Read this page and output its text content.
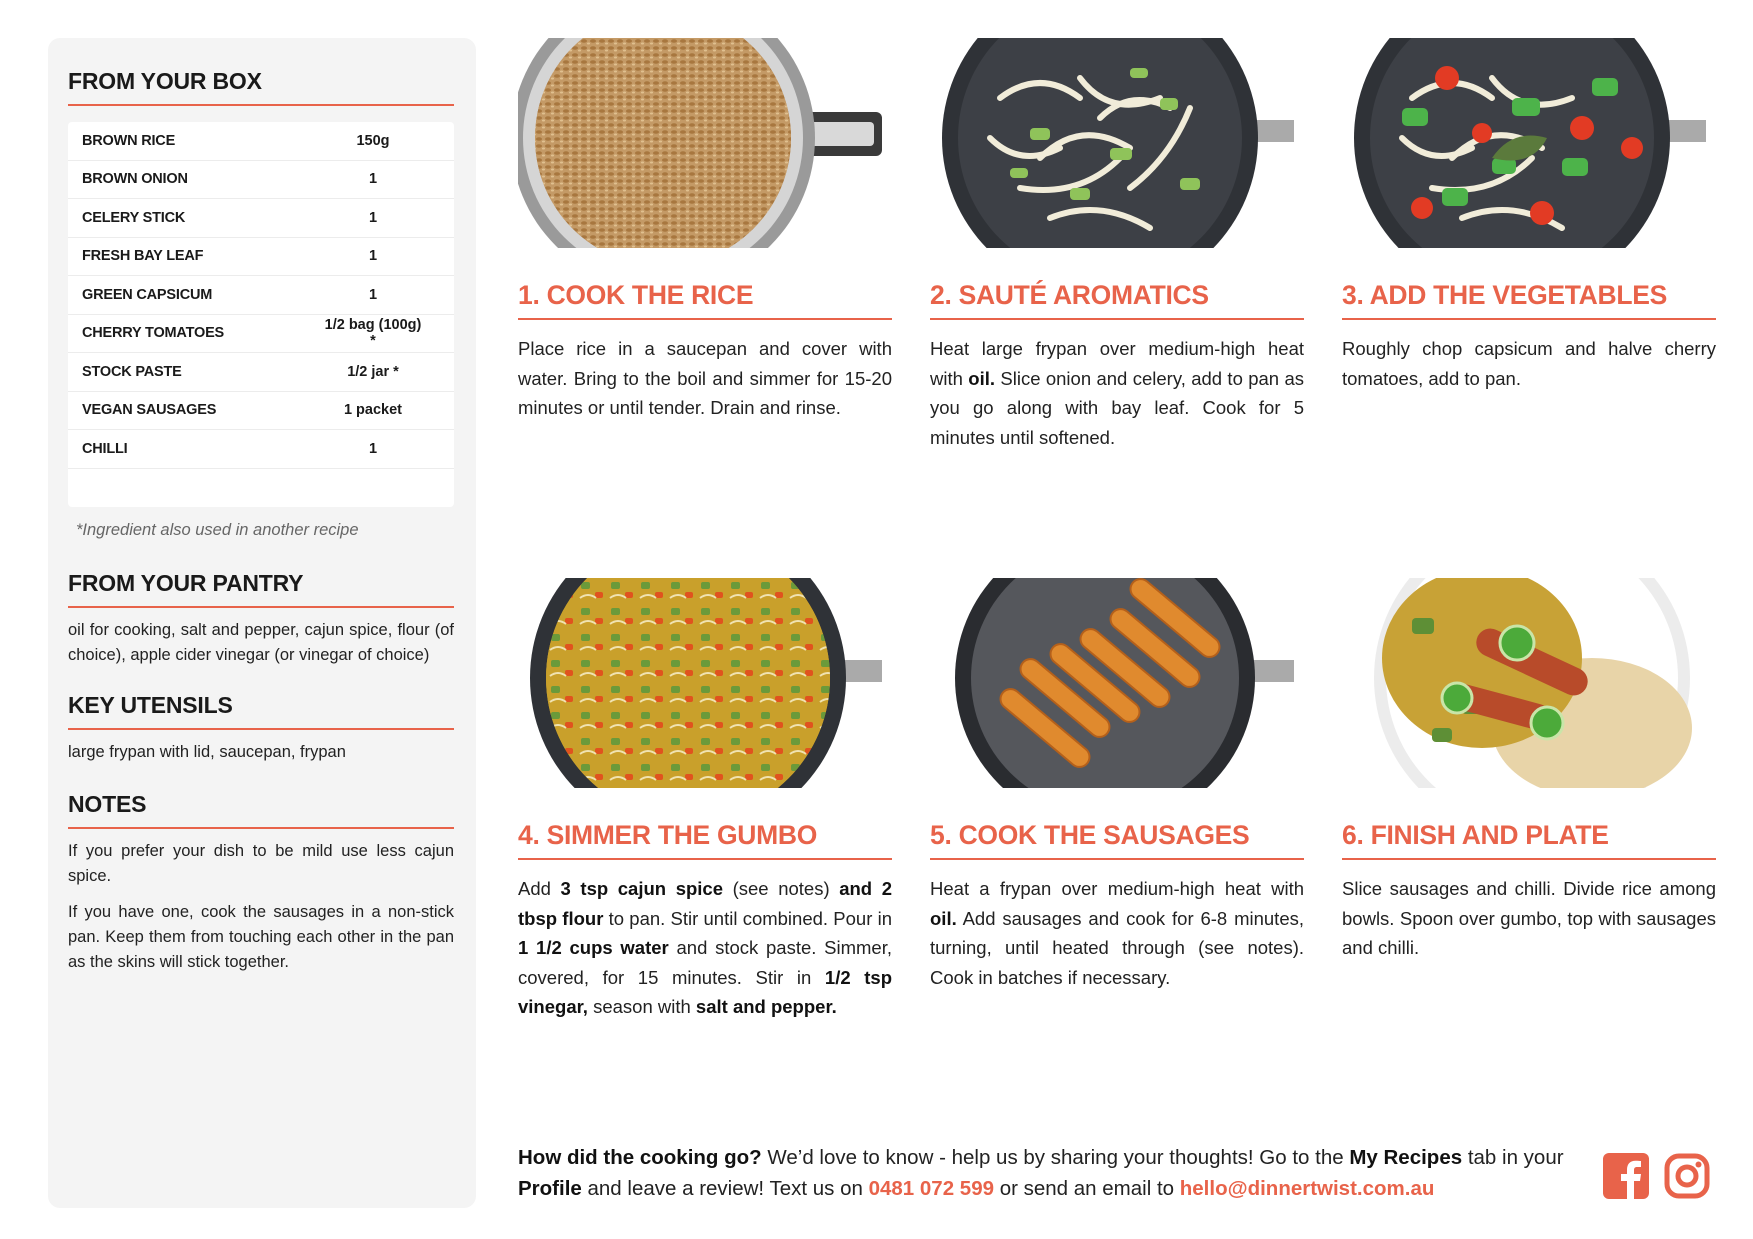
FROM YOUR BOX
BROWN RICE	150g
BROWN ONION	1
CELERY STICK	1
FRESH BAY LEAF	1
GREEN CAPSICUM	1
CHERRY TOMATOES	1/2 bag (100g) *
STOCK PASTE	1/2 jar *
VEGAN SAUSAGES	1 packet
CHILLI	1
*Ingredient also used in another recipe
FROM YOUR PANTRY

oil for cooking, salt and pepper, cajun spice, flour (of choice), apple cider vinegar (or vinegar of choice)

KEY UTENSILS

large frypan with lid, saucepan, frypan

NOTES

If you prefer your dish to be mild use less cajun spice.

If you have one, cook the sausages in a non-stick pan. Keep them from touching each other in the pan as the skins will stick together.

1. COOK THE RICE
Place rice in a saucepan and cover with water. Bring to the boil and simmer for 15-20 minutes or until tender. Drain and rinse.
2. SAUTÉ AROMATICS
Heat large frypan over medium-high heat with oil. Slice onion and celery, add to pan as you go along with bay leaf. Cook for 5 minutes until softened.
3. ADD THE VEGETABLES
Roughly chop capsicum and halve cherry tomatoes, add to pan.
4. SIMMER THE GUMBO
Add 3 tsp cajun spice (see notes) and 2 tbsp flour to pan. Stir until combined. Pour in 1 1/2 cups water and stock paste. Simmer, covered, for 15 minutes. Stir in 1/2 tsp vinegar, season with salt and pepper.
5. COOK THE SAUSAGES
Heat a frypan over medium-high heat with oil. Add sausages and cook for 6-8 minutes, turning, until heated through (see notes). Cook in batches if necessary.
6. FINISH AND PLATE
Slice sausages and chilli. Divide rice among bowls. Spoon over gumbo, top with sausages and chilli.
How did the cooking go? We’d love to know - help us by sharing your thoughts! Go to the My Recipes tab in your Profile and leave a review! Text us on 0481 072 599 or send an email to hello@dinnertwist.com.au
